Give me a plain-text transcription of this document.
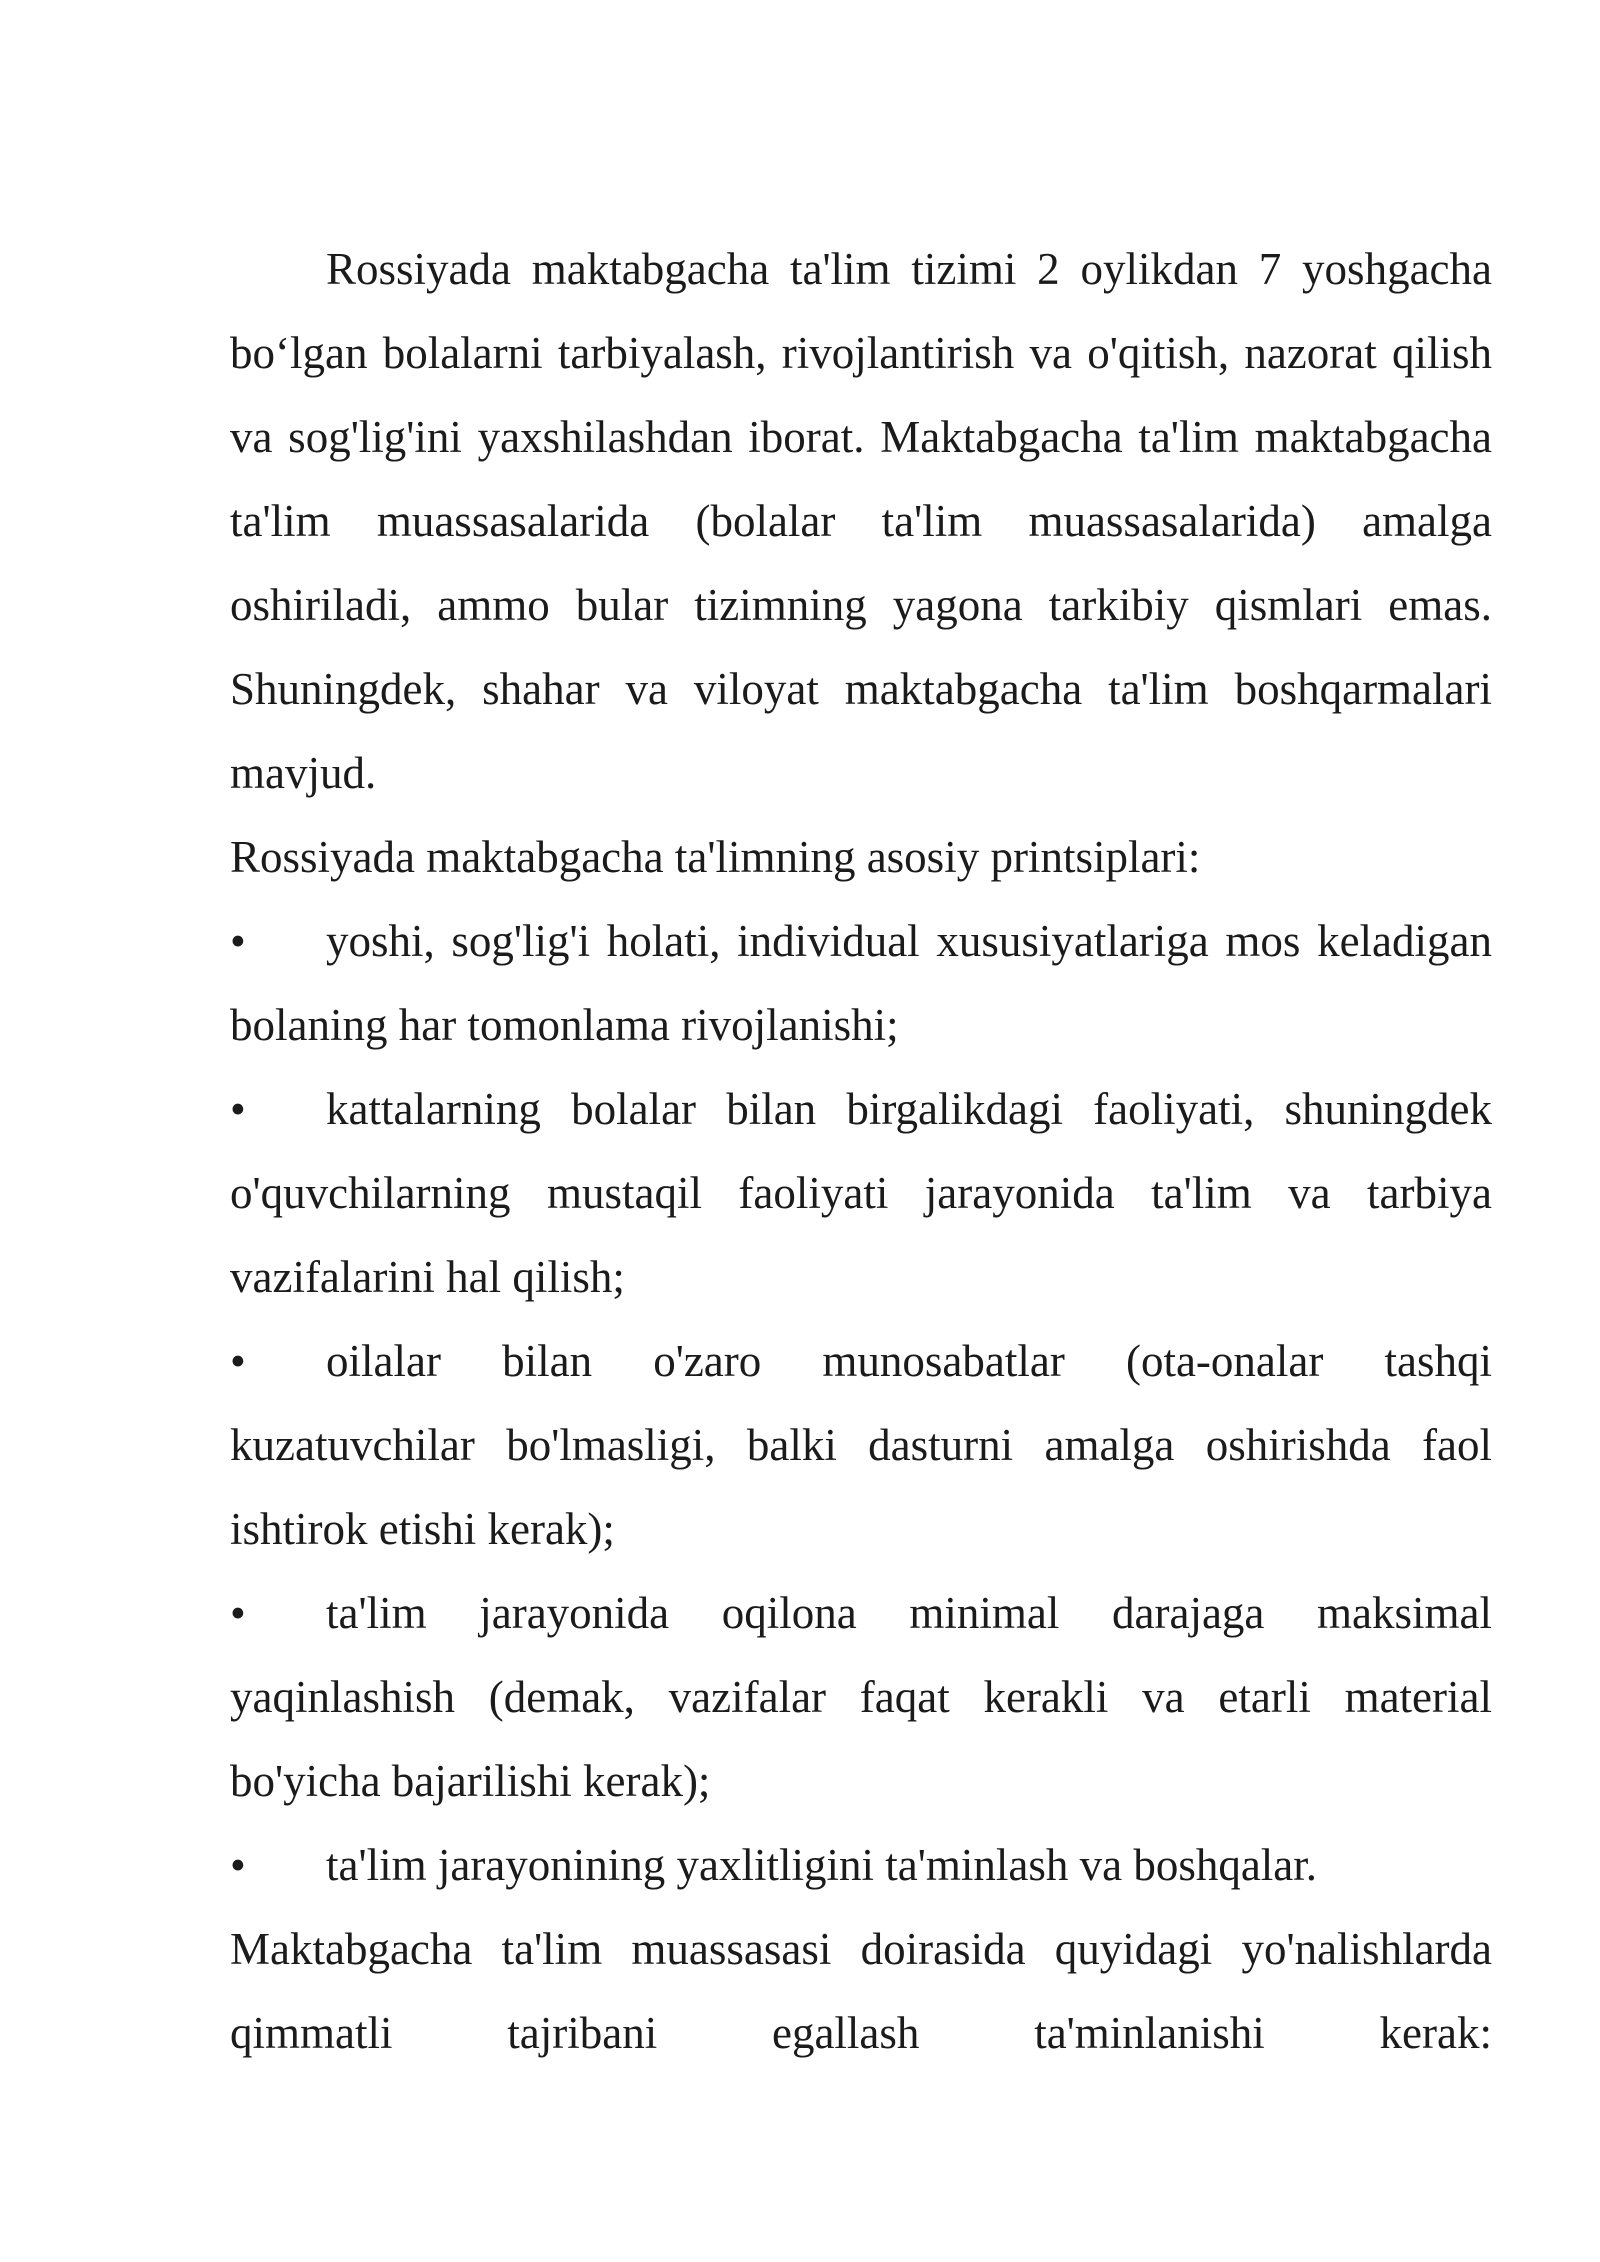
Rossiyada maktabgacha ta'lim tizimi 2 oylikdan 7 yoshgacha bo‘lgan bolalarni tarbiyalash, rivojlantirish va o'qitish, nazorat qilish va sog'lig'ini yaxshilashdan iborat. Maktabgacha ta'lim maktabgacha ta'lim muassasalarida (bolalar ta'lim muassasalarida) amalga oshiriladi, ammo bular tizimning yagona tarkibiy qismlari emas. Shuningdek, shahar va viloyat maktabgacha ta'lim boshqarmalari mavjud.

Rossiyada maktabgacha ta'limning asosiy printsiplari:

• yoshi, sog'lig'i holati, individual xususiyatlariga mos keladigan bolaning har tomonlama rivojlanishi;
• kattalarning bolalar bilan birgalikdagi faoliyati, shuningdek o'quvchilarning mustaqil faoliyati jarayonida ta'lim va tarbiya vazifalarini hal qilish;
• oilalar bilan o'zaro munosabatlar (ota-onalar tashqi kuzatuvchilar bo'lmasligi, balki dasturni amalga oshirishda faol ishtirok etishi kerak);
• ta'lim jarayonida oqilona minimal darajaga maksimal yaqinlashish (demak, vazifalar faqat kerakli va etarli material bo'yicha bajarilishi kerak);
• ta'lim jarayonining yaxlitligini ta'minlash va boshqalar.

Maktabgacha ta'lim muassasasi doirasida quyidagi yo'nalishlarda qimmatli tajribani egallash ta'minlanishi kerak:
